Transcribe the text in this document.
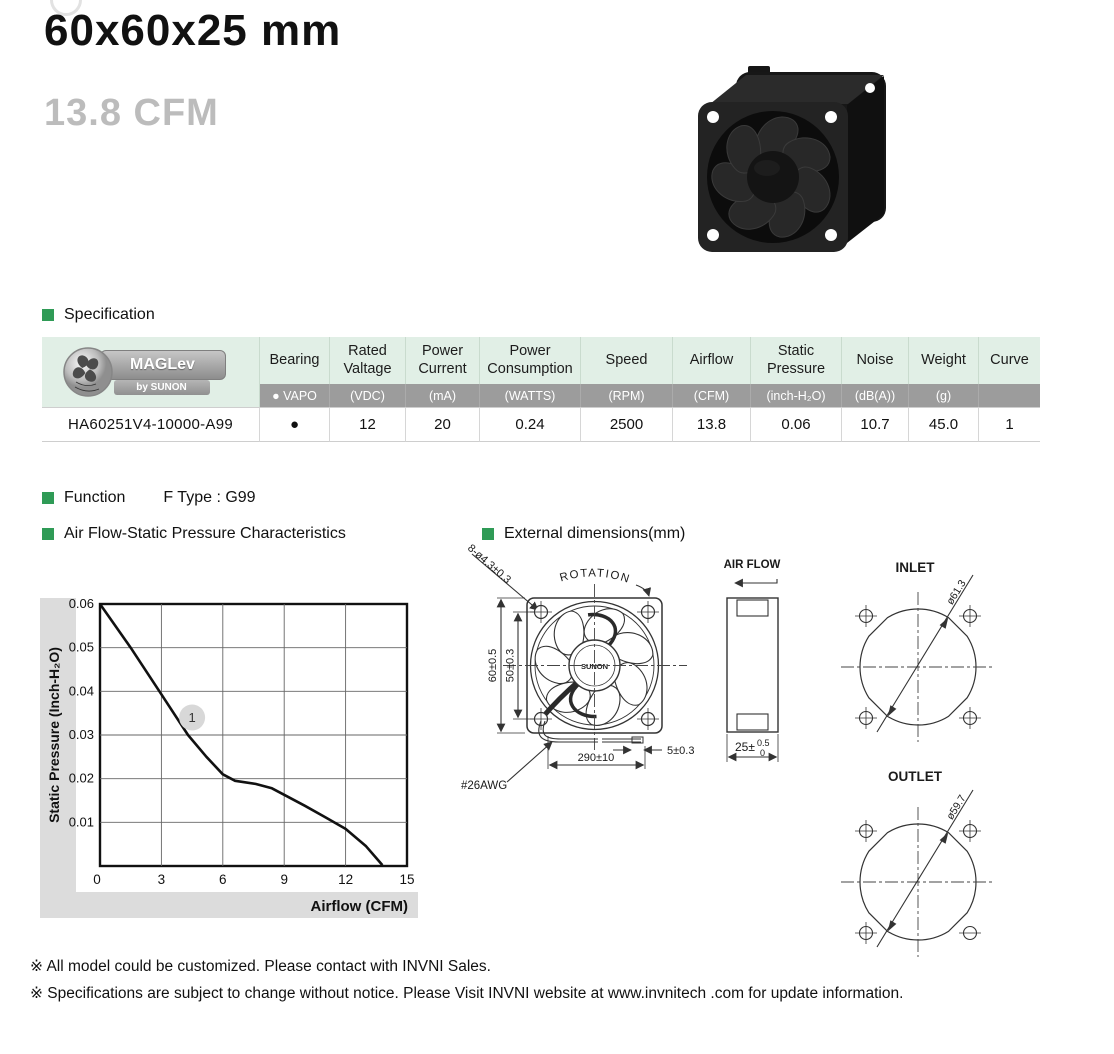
60x60x25 mm
13.8 CFM
Specification
MAGLev
by SUNON	Bearing	Rated Valtage	Power Current	Power Consumption	Speed	Airflow	Static Pressure	Noise	Weight	Curve
	● VAPO	(VDC)	(mA)	(WATTS)	(RPM)	(CFM)	(inch-H₂O)	(dB(A))	(g)	
HA60251V4-10000-A99	●	12	20	0.24	2500	13.8	0.06	10.7	45.0	1
Function F Type : G99
Air Flow-Static Pressure Characteristics	External dimensions(mm)
1
0.06
0.05
0.04
0.03
0.02
0.01
0	3	6	9	12	15
Static Pressure (Inch-H₂O)
Airflow (CFM)
ROTATION
8-ø4.3±0.3
SUNON
60±0.5 50±0.3
5±0.3
290±10
#26AWG
AIR FLOW
25± 0.5
0
INLET
ø61.3
OUTLET
ø59.7
※ All model could be customized. Please contact with INVNI Sales.
※ Specifications are subject to change without notice. Please Visit INVNI website at www.invnitech .com for update information.
